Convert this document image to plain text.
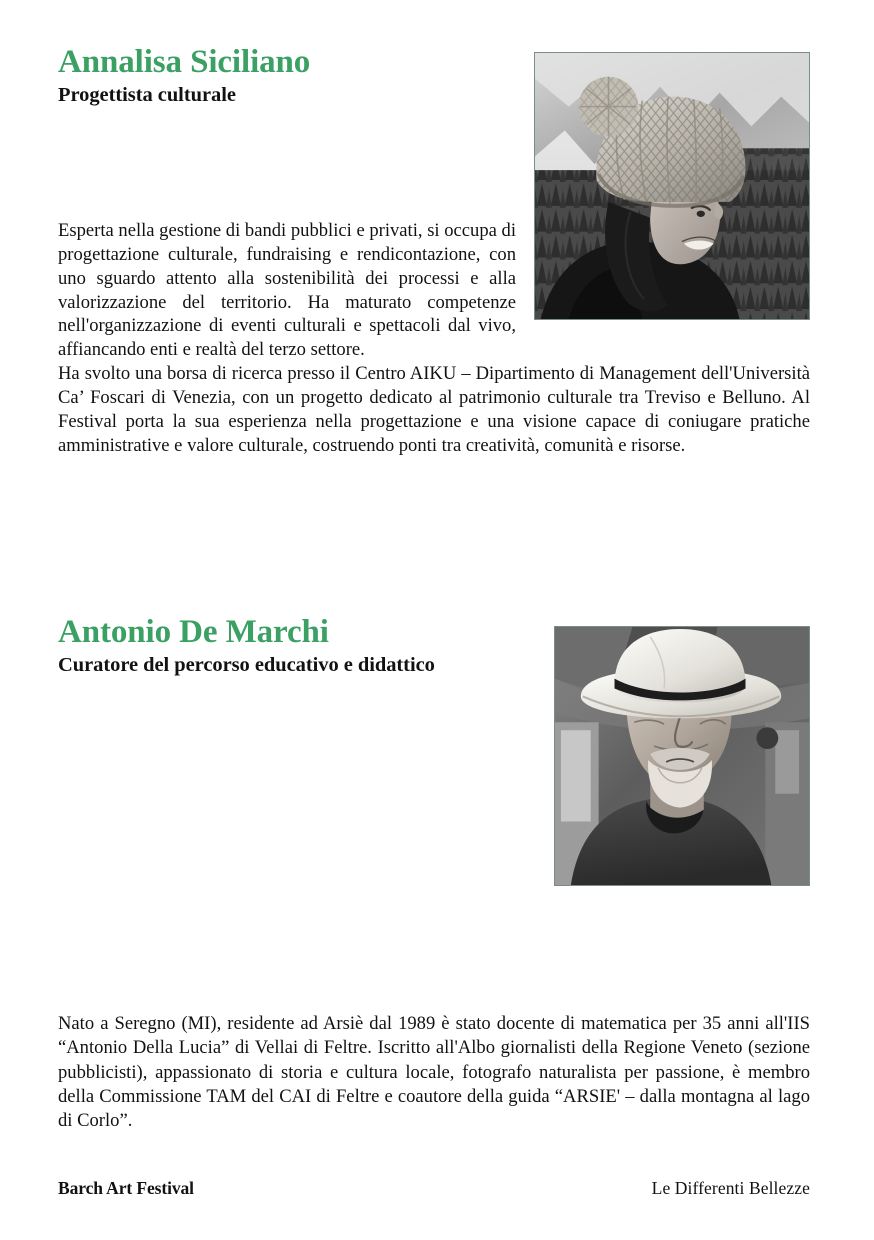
Annalisa Siciliano
Progettista culturale

Esperta nella gestione di bandi pubblici e privati, si occupa di progettazione culturale, fundraising e rendicontazione, con uno sguardo attento alla sostenibilità dei processi e alla valorizzazione del territorio. Ha maturato competenze nell'organizzazione di eventi culturali e spettacoli dal vivo, affiancando enti e realtà del terzo settore.

Ha svolto una borsa di ricerca presso il Centro AIKU – Dipartimento di Management dell'Università Ca’ Foscari di Venezia, con un progetto dedicato al patrimonio culturale tra Treviso e Belluno. Al Festival porta la sua esperienza nella progettazione e una visione capace di coniugare pratiche amministrative e valore culturale, costruendo ponti tra creatività, comunità e risorse.

Antonio De Marchi
Curatore del percorso educativo e didattico

Nato a Seregno (MI), residente ad Arsiè dal 1989 è stato docente di matematica per 35 anni all'IIS “Antonio Della Lucia” di Vellai di Feltre. Iscritto all'Albo giornalisti della Regione Veneto (sezione pubblicisti), appassionato di storia e cultura locale, fotografo naturalista per passione, è membro della Commissione TAM del CAI di Feltre e coautore della guida “ARSIE' – dalla montagna al lago di Corlo”.

Barch Art Festival	Le Differenti Bellezze
